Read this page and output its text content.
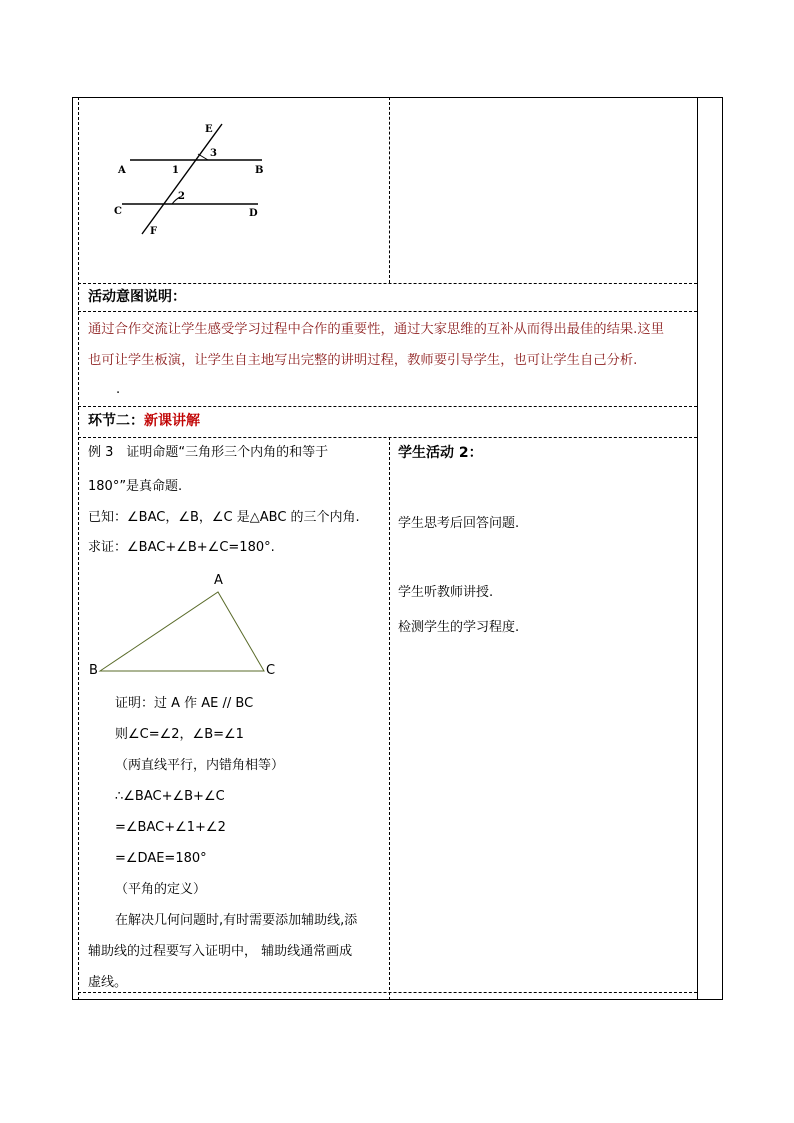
E
3
A	1	B
2
C	D
F
活动意图说明：
通过合作交流让学生感受学习过程中合作的重要性，通过大家思维的互补从而得出最佳的结果.这里
也可让学生板演，让学生自主地写出完整的讲明过程，教师要引导学生，也可让学生自己分析.
.
环节二：新课讲解
例 3　证明命题“三角形三个内角的和等于
180°”是真命题.
已知：∠BAC，∠B，∠C 是△ABC 的三个内角.
求证：∠BAC+∠B+∠C=180°.
A
B	C
证明：过 A 作 AE // BC
则∠C=∠2，∠B=∠1
（两直线平行，内错角相等）
∴∠BAC+∠B+∠C
=∠BAC+∠1+∠2
=∠DAE=180°
（平角的定义）
在解决几何问题时,有时需要添加辅助线,添
辅助线的过程要写入证明中， 辅助线通常画成
虚线。
学生活动 2：
学生思考后回答问题.
学生听教师讲授.
检测学生的学习程度.
